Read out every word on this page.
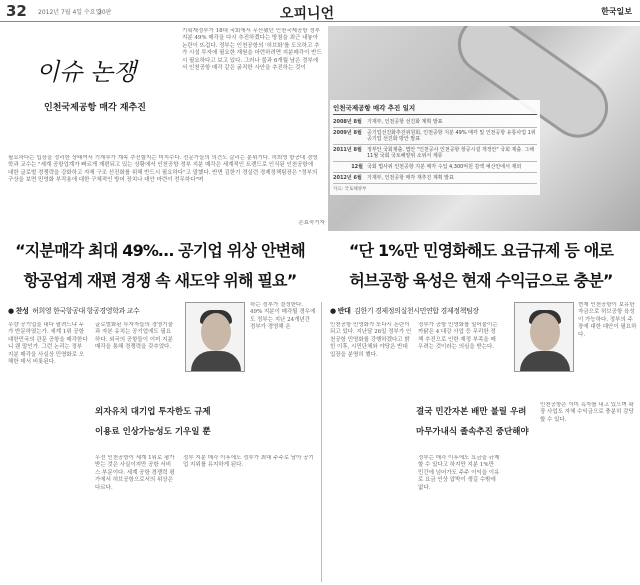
32 2012년 7월 4일 수요일
30판	오피니언	한국일보
이슈 논쟁
인천국제공항 매각 재추진
기획재정부가 18대 국회에서 무산됐던 인천국제공항 정부 지분 49% 매각을 다시 추진하겠다는 방침을 최근 내놓아 논란이 뜨겁다. 정부는 인천공항의 '허브화'를 도모하고 추가 시설 투자에 필요한 재원을 마련하려면 지분매각이 반드시 필요하다고 보고 있다. 그러나 불과 6개월 남은 정부에서 인천공항 매각 같은 굵직한 사안을 추진하는 것이
필요하다는 입장을 정리한 상태여서 기재부가 계속 추진할지는 미지수다. 전문가들의 의견도 갈리는 분위기다. 허희영 항공대 경영학과 교수는 "세계 공항업계가 빠르게 재편되고 있는 상황에서 인천공항 정부 지분 매각은 세계적인 트렌드로 인식된 인천공항에 대한 글로벌 경쟁력을 강화하고 자체 구조 선진화를 위해 반드시 필요하다"고 말했다. 반면 김한기 경실련 경제정책팀장은 "정부의 구상을 보면 민영화 부작용에 대한 구체적인 방어 장치나 대안 마련이 전무하다"며
손효숙기자
인천국제공항 매각 추진 일지
2008년 8월	기재부, 인천공항 선진화 계획 발표
2009년 8월	공기업선진화추진위원회, 인천공항 지분 49% 매각 및 인천공항 유통사업 1위 공기업 선진화 방안 발표
2011년 8월	정부안 국회제출. 법안 "인천공사 인천공항 항공시설 개정안" 국회 제출. 그해 11월 국회 국토해양위 소위서 계류
12월 국회 법사위 인천공항 지분 매각 수입 4,300억원 감액 예산안에서 제외
2012년 6월	기재부, 인천공항 매각 재추진 계획 발표
자료: 국토해양부
“지분매각 최대 49%… 공기업 위상 안변해
항공업계 재편 경쟁 속 새도약 위해 필요”
“단 1%만 민영화해도 요금규제 등 애로
허브공항 육성은 현재 수익금으로 충분”
● 찬성 허희영 한국항공대 항공경영학과 교수
우량 공기업을 내다 팔려느냐 누가 반문하였는가. 세계 1위 공항 대한민국의 관문 공항을 매각한다니 웬 말인가. 그런 논리는 정부 지분 매각을 사실상 민영화로 오해한 데서 비롯된다.
글로벌화된 투자자들의 경영기술과 자본 유치는 공기업에도 필요하다. 외국의 공항들이 이미 지분 매각을 통해 경쟁력을 갖추었다.
외자유치 대기업 투자한도 규제
이용료 인상가능성도 기우일 뿐
우선 인천공항이 세계 1위로 평가받는 것은 사실이지만 공항 서비스 부문이다. 세계 공항 경쟁력 평가에서 허브공항으로서의 위상은 다르다.
하는 정부가 결정한다. 49% 지분이 매각될 경우에도 정부는 지난 24개년간 정부가 경영해 온
정부 지분 매각 이후에도 정부가 최대 주주로 남아 공기업 지위를 유지하게 된다.
● 반대 김한기 경제정의실천시민연합 경제정책팀장
인천공항 민영화가 또다시 논란이 되고 있다. 지난달 26일 정부가 인천공항 민영화를 강행하겠다고 밝힌 이후, 시민단체와 야당은 반대 입장을 분명히 했다.
정부가 공항 민영화를 밀어붙이는 까닭은 4 대강 사업 등 무리한 정책 추진으로 인한 재정 부족을 메우려는 것이라는 의심을 받는다.
결국 민간자본 배만 불릴 우려
마무가내식 졸속추진 중단해야
정부는 매각 이후에도 요금을 규제할 수 있다고 하지만 지분 1%만 민간에 넘어가도 주주 이익을 이유로 요금 인상 압박이 생길 수밖에 없다.
현재 인천공항이 보유한 자금으로 허브공항 육성이 가능하다. 정부의 주장에 대한 대안이 필요하다.
인천공항은 이미 흑자를 내고 있으며 확장 사업도 자체 수익금으로 충분히 감당할 수 있다.
